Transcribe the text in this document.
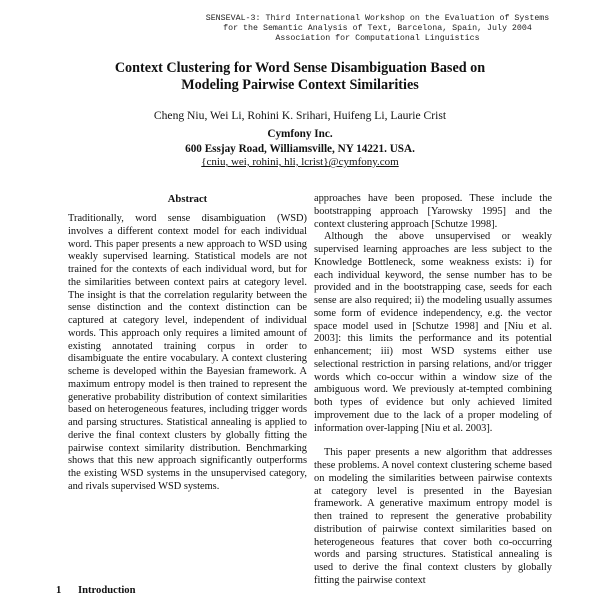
SENSEVAL-3: Third International Workshop on the Evaluation of Systems
for the Semantic Analysis of Text, Barcelona, Spain, July 2004
Association for Computational Linguistics
Context Clustering for Word Sense Disambiguation Based on
Modeling Pairwise Context Similarities
Cheng Niu, Wei Li, Rohini K. Srihari, Huifeng Li, Laurie Crist
Cymfony Inc.
600 Essjay Road, Williamsville, NY 14221. USA.
{cniu, wei, rohini, hli, lcrist}@cymfony.com
Abstract

Traditionally, word sense disambiguation (WSD) involves a different context model for each individual word. This paper presents a new approach to WSD using weakly supervised learning. Statistical models are not trained for the contexts of each individual word, but for the similarities between context pairs at category level. The insight is that the correlation regularity between the sense distinction and the context distinction can be captured at category level, independent of individual words. This approach only requires a limited amount of existing annotated training corpus in order to disambiguate the entire vocabulary. A context clustering scheme is developed within the Bayesian framework. A maximum entropy model is then trained to represent the generative probability distribution of context similarities based on heterogeneous features, including trigger words and parsing structures. Statistical annealing is applied to derive the final context clusters by globally fitting the pairwise context similarity distribution. Benchmarking shows that this new approach significantly outperforms the existing WSD systems in the unsupervised category, and rivals supervised WSD systems.

1 Introduction

approaches have been proposed. These include the bootstrapping approach [Yarowsky 1995] and the context clustering approach [Schutze 1998].

Although the above unsupervised or weakly supervised learning approaches are less subject to the Knowledge Bottleneck, some weakness exists: i) for each individual keyword, the sense number has to be provided and in the bootstrapping case, seeds for each sense are also required; ii) the modeling usually assumes some form of evidence independency, e.g. the vector space model used in [Schutze 1998] and [Niu et al. 2003]: this limits the performance and its potential enhancement; iii) most WSD systems either use selectional restriction in parsing relations, and/or trigger words which co-occur within a window size of the ambiguous word. We previously at-tempted combining both types of evidence but only achieved limited improvement due to the lack of a proper modeling of information over-lapping [Niu et al. 2003].

This paper presents a new algorithm that addresses these problems. A novel context clustering scheme based on modeling the similarities between pairwise contexts at category level is presented in the Bayesian framework. A generative maximum entropy model is then trained to represent the generative probability distribution of pairwise context similarities based on heterogeneous features that cover both co-occurring words and parsing structures. Statistical annealing is used to derive the final context clusters by globally fitting the pairwise context
